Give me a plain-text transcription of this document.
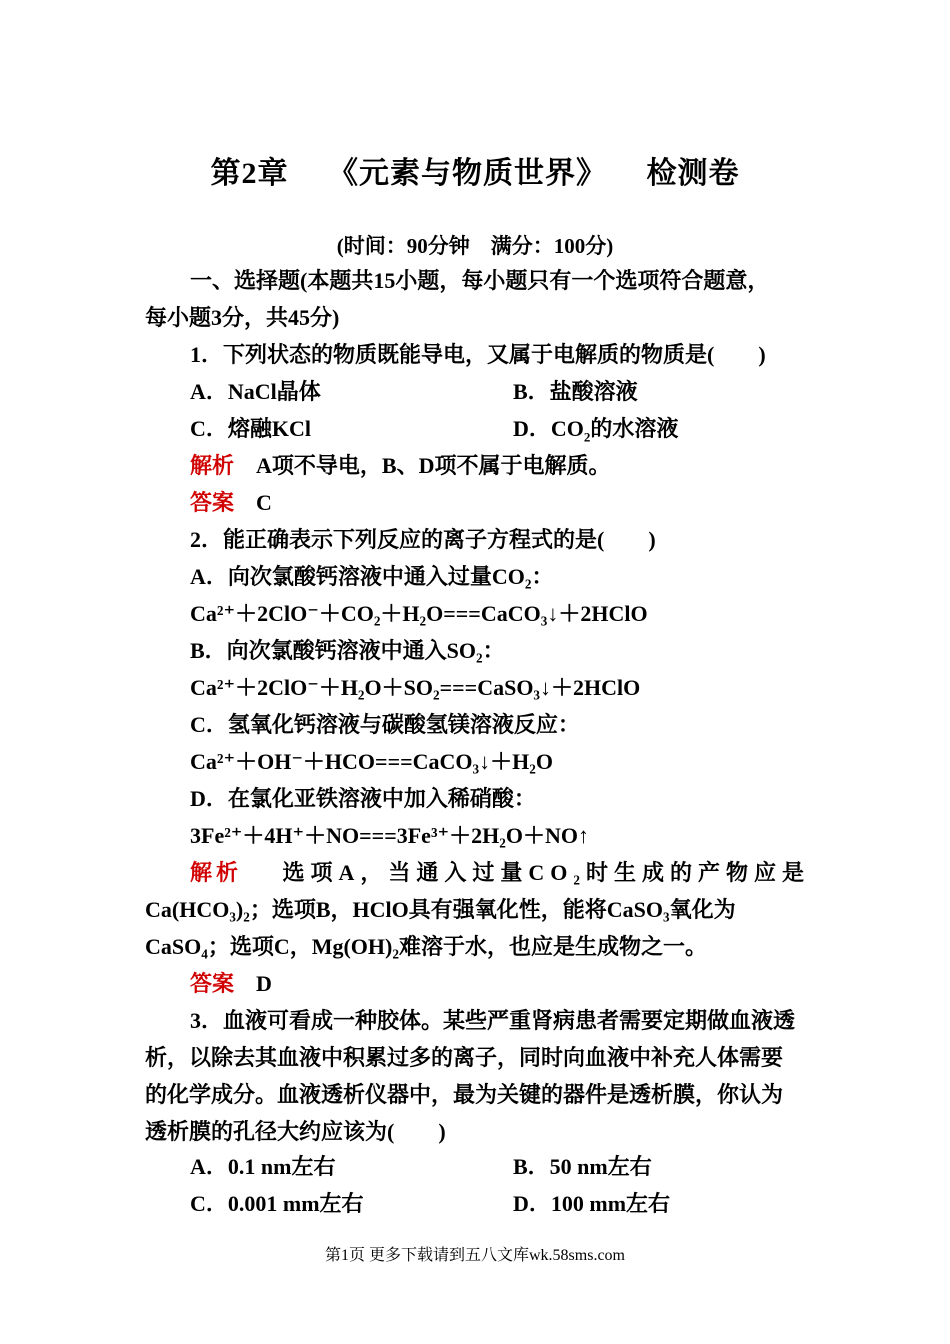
第2章　 《元素与物质世界》　 检测卷
(时间：90分钟　满分：100分)
一、选择题(本题共15小题，每小题只有一个选项符合题意，
每小题3分，共45分)
1．下列状态的物质既能导电，又属于电解质的物质是(　　)
A．NaCl晶体	B．盐酸溶液
C．熔融KCl	D．$CO_2$的水溶液
解析　 A项不导电，B、D项不属于电解质。
答案　 C
2．能正确表示下列反应的离子方程式的是(　　)
A．向次氯酸钙溶液中通入过量CO₂：
Ca²⁺＋2ClO⁻＋CO₂＋H₂O===CaCO₃↓＋2HClO
B．向次氯酸钙溶液中通入SO₂：
Ca²⁺＋2ClO⁻＋H₂O＋SO₂===CaSO₃↓＋2HClO
C．氢氧化钙溶液与碳酸氢镁溶液反应：
Ca²⁺＋OH⁻＋HCO===CaCO₃↓＋H₂O
D．在氯化亚铁溶液中加入稀硝酸：
3Fe²⁺＋4H⁺＋NO===3Fe³⁺＋2H₂O＋NO↑
解析 选项A，当通入过量CO₂时生成的产物应是
Ca(HCO₃)₂；选项B，HClO具有强氧化性，能将CaSO₃氧化为
CaSO₄；选项C，Mg(OH)₂难溶于水，也应是生成物之一。
答案　 D
3．血液可看成一种胶体。某些严重肾病患者需要定期做血液透
析，以除去其血液中积累过多的离子，同时向血液中补充人体需要
的化学成分。血液透析仪器中，最为关键的器件是透析膜，你认为
透析膜的孔径大约应该为(　　)
A．0.1 nm左右	B．50 nm左右
C．0.001 mm左右	D．100 mm左右
第1页 更多下载请到五八文库wk.58sms.com
